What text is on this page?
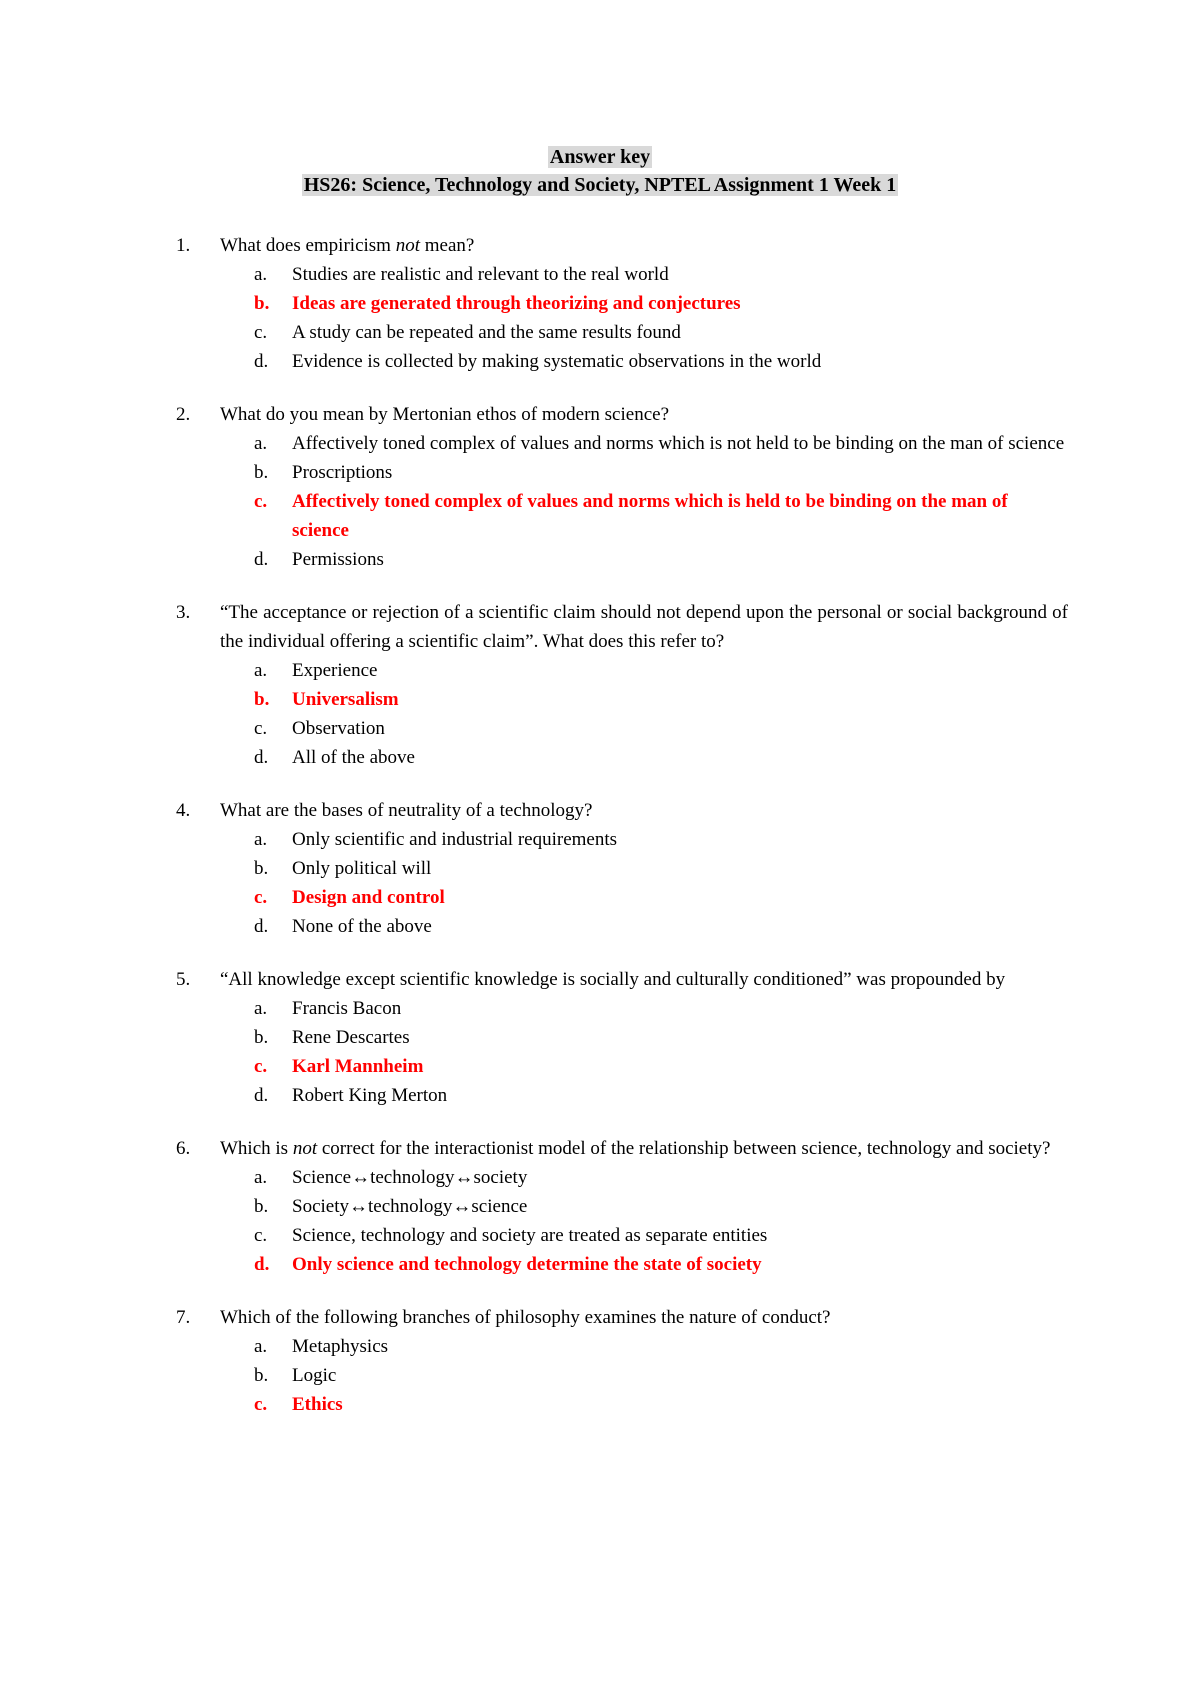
Answer key
HS26: Science, Technology and Society, NPTEL Assignment 1 Week 1
1. What does empiricism not mean?
a. Studies are realistic and relevant to the real world
b. Ideas are generated through theorizing and conjectures
c. A study can be repeated and the same results found
d. Evidence is collected by making systematic observations in the world
2. What do you mean by Mertonian ethos of modern science?
a. Affectively toned complex of values and norms which is not held to be binding on the man of science
b. Proscriptions
c. Affectively toned complex of values and norms which is held to be binding on the man of science
d. Permissions
3. “The acceptance or rejection of a scientific claim should not depend upon the personal or social background of the individual offering a scientific claim”. What does this refer to?
a. Experience
b. Universalism
c. Observation
d. All of the above
4. What are the bases of neutrality of a technology?
a. Only scientific and industrial requirements
b. Only political will
c. Design and control
d. None of the above
5. “All knowledge except scientific knowledge is socially and culturally conditioned” was propounded by
a. Francis Bacon
b. Rene Descartes
c. Karl Mannheim
d. Robert King Merton
6. Which is not correct for the interactionist model of the relationship between science, technology and society?
a. Science↔technology↔society
b. Society↔technology↔science
c. Science, technology and society are treated as separate entities
d. Only science and technology determine the state of society
7. Which of the following branches of philosophy examines the nature of conduct?
a. Metaphysics
b. Logic
c. Ethics
